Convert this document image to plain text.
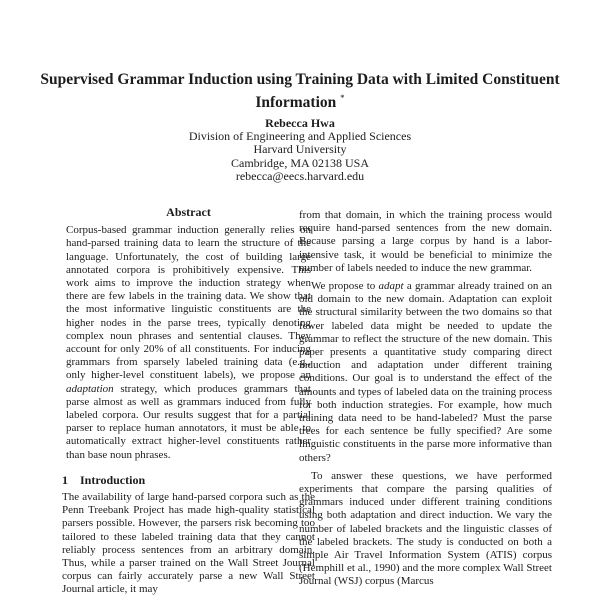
Supervised Grammar Induction using Training Data with Limited Constituent Information *
Rebecca Hwa
Division of Engineering and Applied Sciences
Harvard University
Cambridge, MA 02138 USA
rebecca@eecs.harvard.edu
Abstract

Corpus-based grammar induction generally relies on hand-parsed training data to learn the structure of the language. Unfortunately, the cost of building large annotated corpora is prohibitively expensive. This work aims to improve the induction strategy when there are few labels in the training data. We show that the most informative linguistic constituents are the higher nodes in the parse trees, typically denoting complex noun phrases and sentential clauses. They account for only 20% of all constituents. For inducing grammars from sparsely labeled training data (e.g., only higher-level constituent labels), we propose an adaptation strategy, which produces grammars that parse almost as well as grammars induced from fully labeled corpora. Our results suggest that for a partial parser to replace human annotators, it must be able to automatically extract higher-level constituents rather than base noun phrases.

1 Introduction

The availability of large hand-parsed corpora such as the Penn Treebank Project has made high-quality statistical parsers possible. However, the parsers risk becoming too tailored to these labeled training data that they cannot reliably process sentences from an arbitrary domain. Thus, while a parser trained on the Wall Street Journal corpus can fairly accurately parse a new Wall Street Journal article, it may

from that domain, in which the training process would require hand-parsed sentences from the new domain. Because parsing a large corpus by hand is a labor-intensive task, it would be beneficial to minimize the number of labels needed to induce the new grammar.

We propose to adapt a grammar already trained on an old domain to the new domain. Adaptation can exploit the structural similarity between the two domains so that fewer labeled data might be needed to update the grammar to reflect the structure of the new domain. This paper presents a quantitative study comparing direct induction and adaptation under different training conditions. Our goal is to understand the effect of the amounts and types of labeled data on the training process for both induction strategies. For example, how much training data need to be hand-labeled? Must the parse trees for each sentence be fully specified? Are some linguistic constituents in the parse more informative than others?

To answer these questions, we have performed experiments that compare the parsing qualities of grammars induced under different training conditions using both adaptation and direct induction. We vary the number of labeled brackets and the linguistic classes of the labeled brackets. The study is conducted on both a simple Air Travel Information System (ATIS) corpus (Hemphill et al., 1990) and the more complex Wall Street Journal (WSJ) corpus (Marcus
